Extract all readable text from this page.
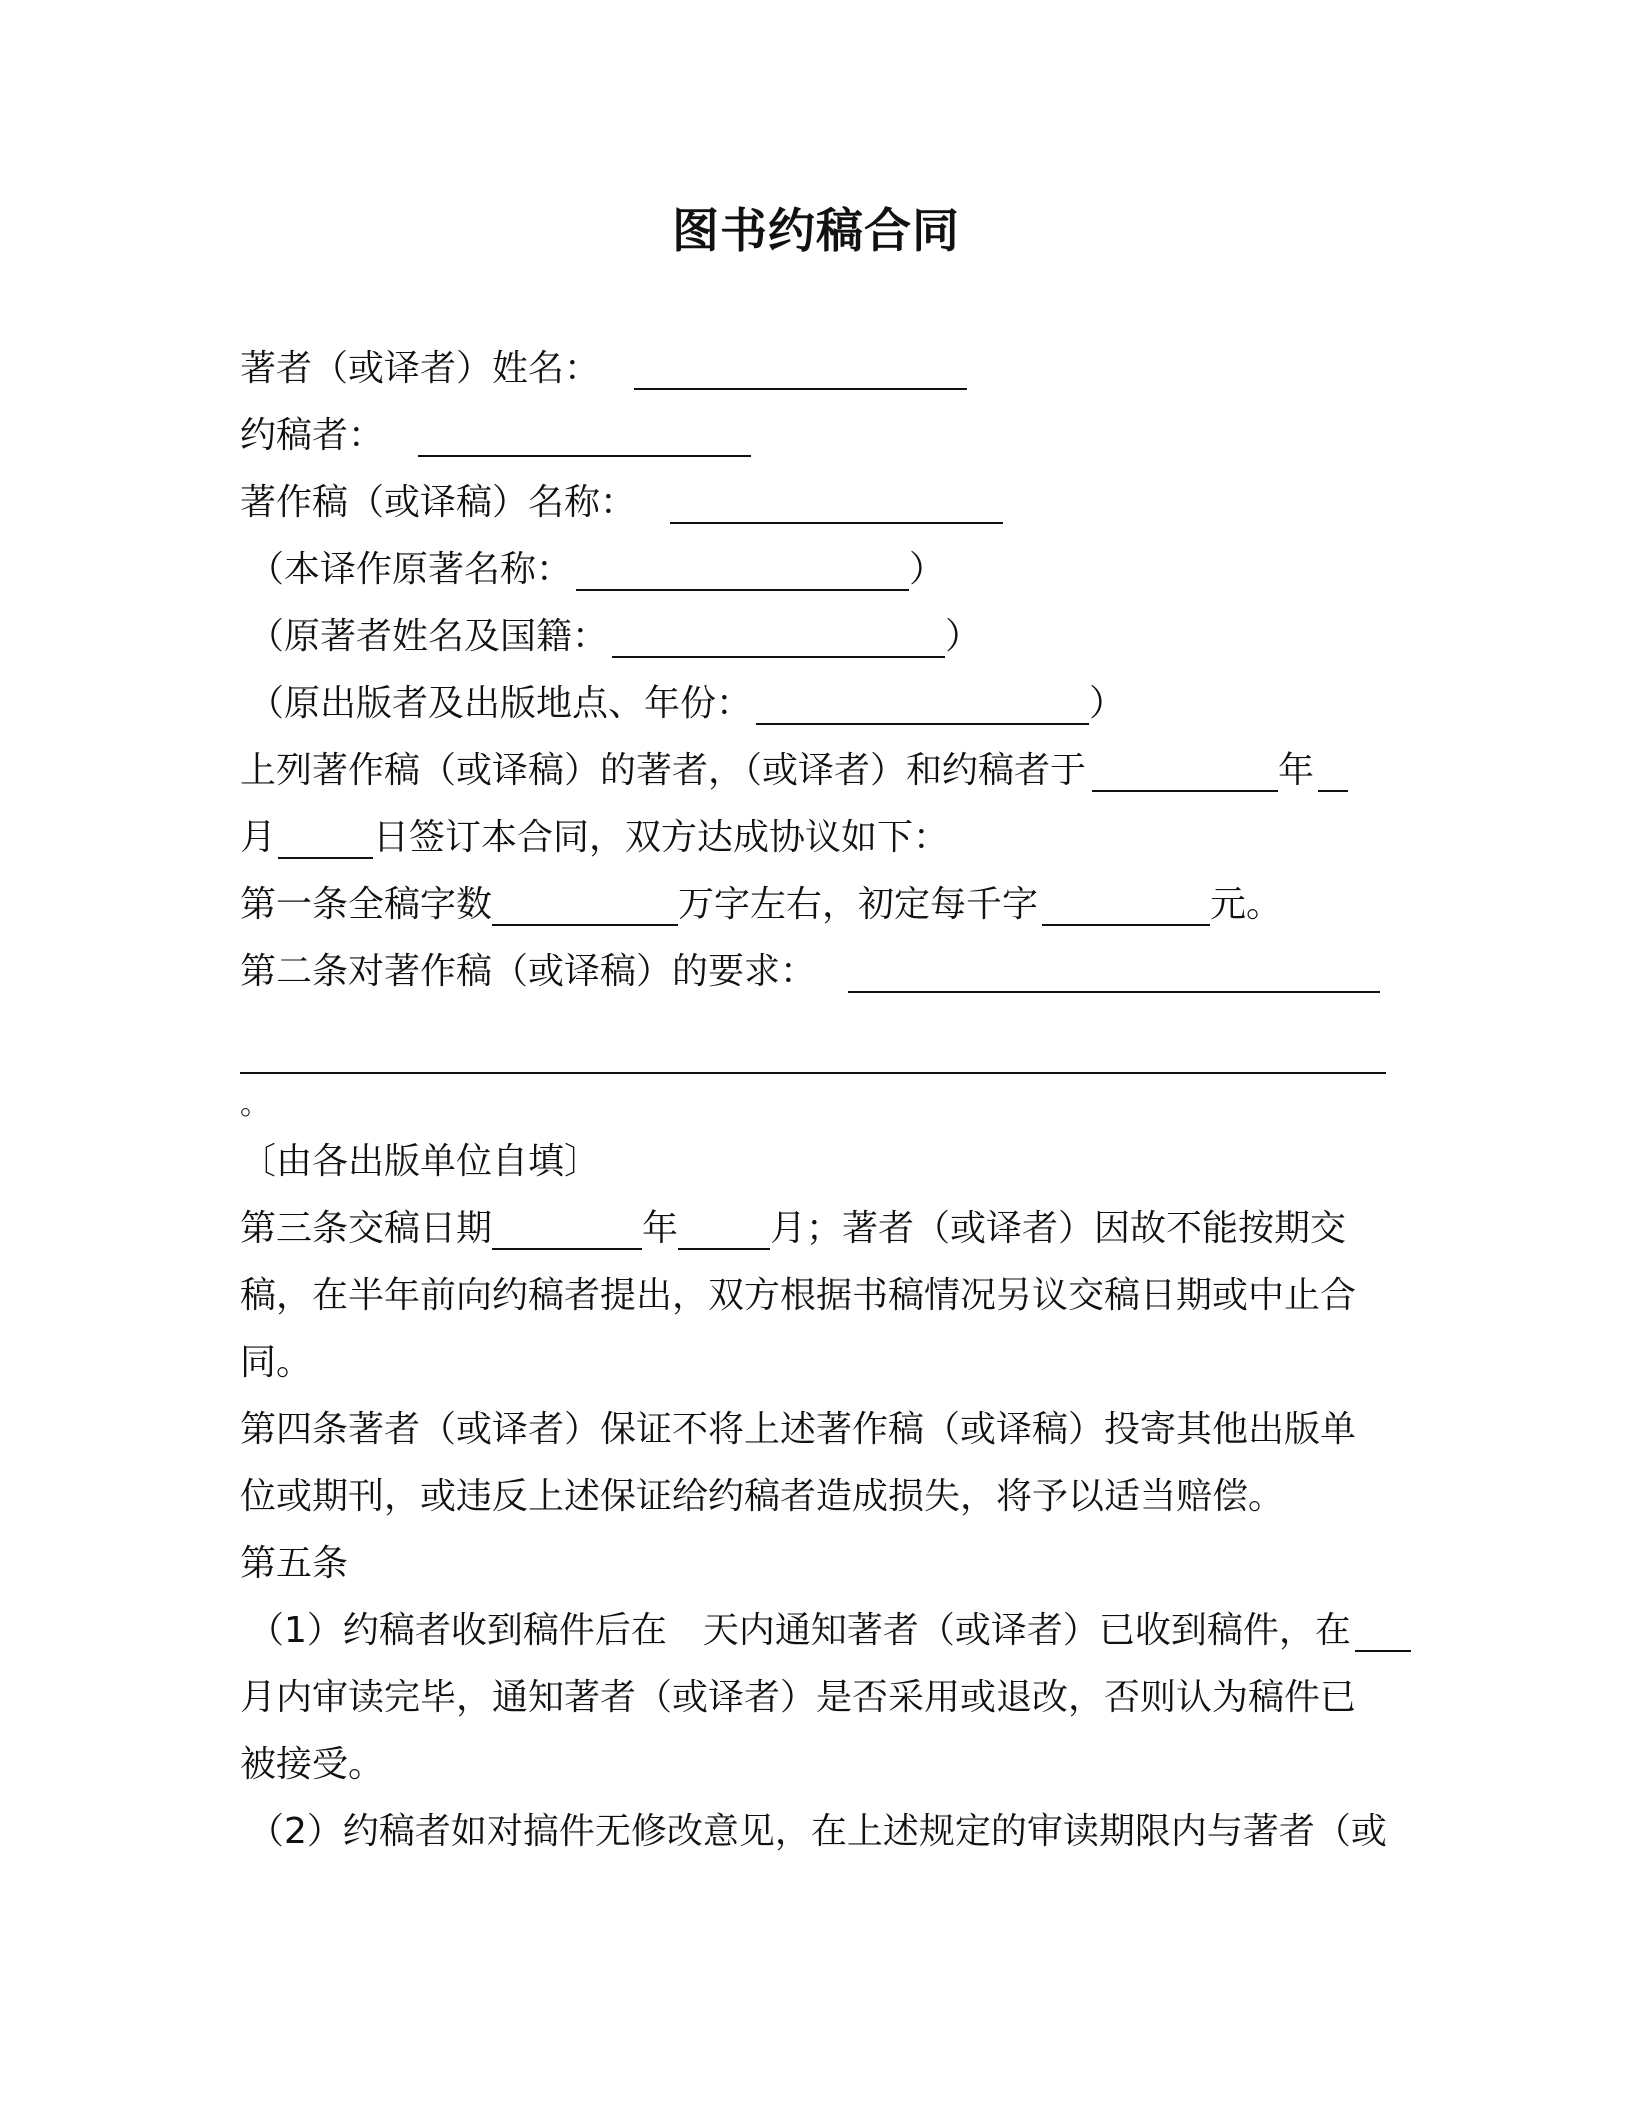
图书约稿合同
著者（或译者）姓名：
约稿者：
著作稿（或译稿）名称：
（本译作原著名称：	）
（原著者姓名及国籍：	）
（原出版者及出版地点、年份：	）
上列著作稿（或译稿）的著者，（或译者）和约稿者于	年
月	日签订本合同，双方达成协议如下：
第一条全稿字数	万字左右，初定每千字	元。
第二条对著作稿（或译稿）的要求：
。
〔由各出版单位自填〕
第三条交稿日期	年	月；著者（或译者）因故不能按期交
稿，在半年前向约稿者提出，双方根据书稿情况另议交稿日期或中止合
同。
第四条著者（或译者）保证不将上述著作稿（或译稿）投寄其他出版单
位或期刊，或违反上述保证给约稿者造成损失，将予以适当赔偿。
第五条
（1）约稿者收到稿件后在 天内通知著者（或译者）已收到稿件，在
月内审读完毕，通知著者（或译者）是否采用或退改，否则认为稿件已
被接受。
（2）约稿者如对搞件无修改意见，在上述规定的审读期限内与著者（或
